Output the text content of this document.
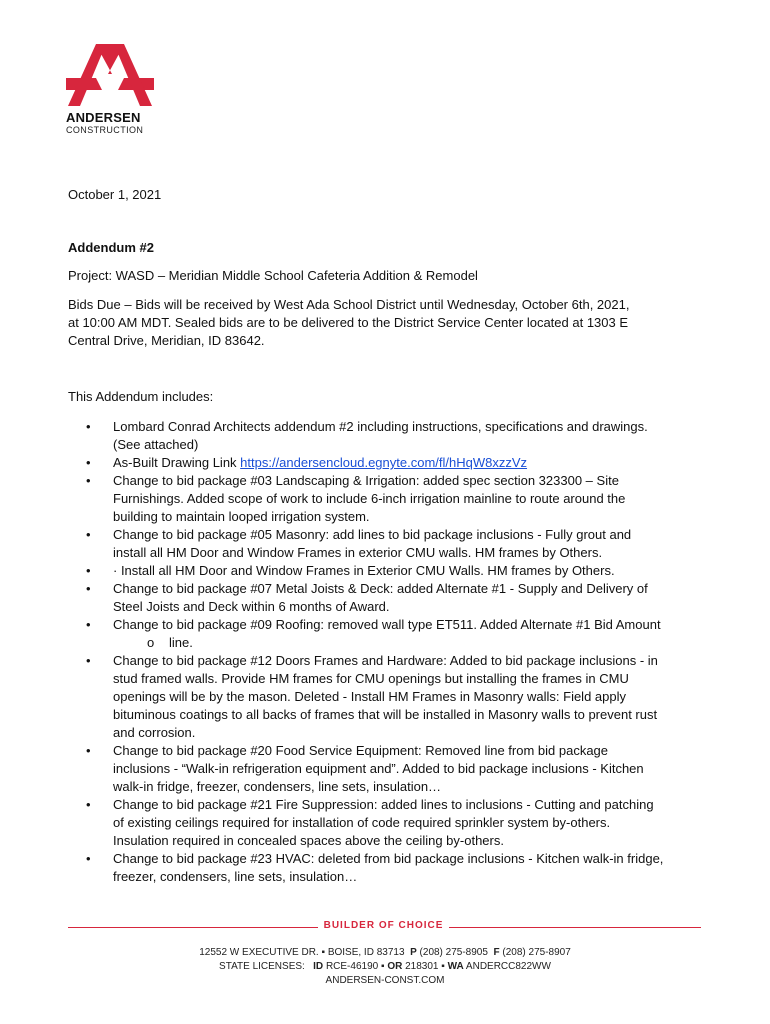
ANDERSEN
CONSTRUCTION
October 1, 2021
Addendum #2
Project: WASD – Meridian Middle School Cafeteria Addition & Remodel
Bids Due – Bids will be received by West Ada School District until Wednesday, October 6th, 2021,
at 10:00 AM MDT. Sealed bids are to be delivered to the District Service Center located at 1303 E
Central Drive, Meridian, ID 83642.
This Addendum includes:
• Lombard Conrad Architects addendum #2 including instructions, specifications and drawings.
(See attached)
• As-Built Drawing Link https://andersencloud.egnyte.com/fl/hHqW8xzzVz
• Change to bid package #03 Landscaping & Irrigation: added spec section 323300 – Site
Furnishings. Added scope of work to include 6-inch irrigation mainline to route around the
building to maintain looped irrigation system.
• Change to bid package #05 Masonry: add lines to bid package inclusions - Fully grout and
install all HM Door and Window Frames in exterior CMU walls. HM frames by Others.
• · Install all HM Door and Window Frames in Exterior CMU Walls. HM frames by Others.
• Change to bid package #07 Metal Joists & Deck: added Alternate #1 - Supply and Delivery of
Steel Joists and Deck within 6 months of Award.
• Change to bid package #09 Roofing: removed wall type ET511. Added Alternate #1 Bid Amount
o line.
• Change to bid package #12 Doors Frames and Hardware: Added to bid package inclusions - in
stud framed walls. Provide HM frames for CMU openings but installing the frames in CMU
openings will be by the mason. Deleted - Install HM Frames in Masonry walls: Field apply
bituminous coatings to all backs of frames that will be installed in Masonry walls to prevent rust
and corrosion.
• Change to bid package #20 Food Service Equipment: Removed line from bid package
inclusions - “Walk-in refrigeration equipment and”. Added to bid package inclusions - Kitchen
walk-in fridge, freezer, condensers, line sets, insulation…
• Change to bid package #21 Fire Suppression: added lines to inclusions - Cutting and patching
of existing ceilings required for installation of code required sprinkler system by-others.
Insulation required in concealed spaces above the ceiling by-others.
• Change to bid package #23 HVAC: deleted from bid package inclusions - Kitchen walk-in fridge,
freezer, condensers, line sets, insulation…
BUILDER OF CHOICE
12552 W EXECUTIVE DR. ▪ BOISE, ID 83713 P (208) 275-8905 F (208) 275-8907
STATE LICENSES: ID RCE-46190 ▪ OR 218301 ▪ WA ANDERCC822WW
ANDERSEN-CONST.COM
